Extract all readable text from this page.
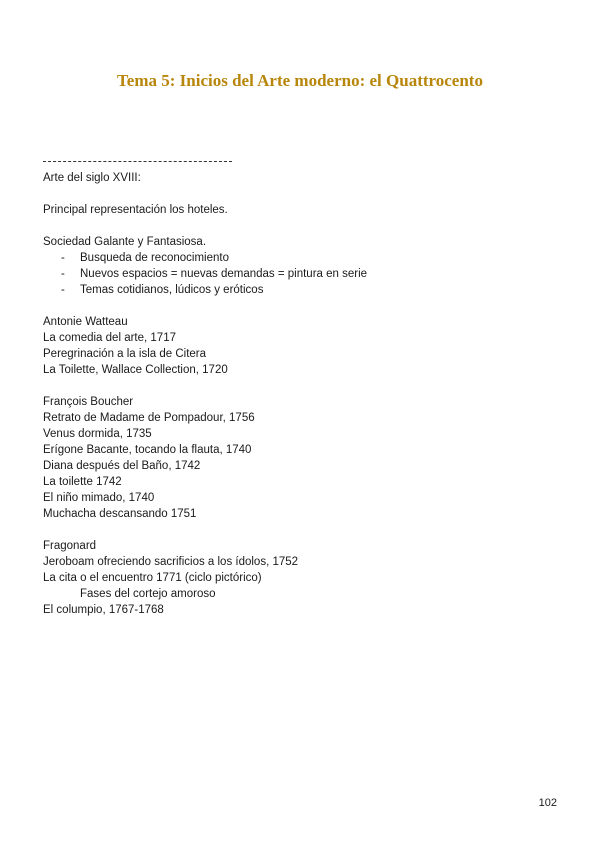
Tema 5: Inicios del Arte moderno: el Quattrocento
Arte del siglo XVIII:
Principal representación los hoteles.
Sociedad Galante y Fantasiosa.
- Busqueda de reconocimiento
- Nuevos espacios = nuevas demandas = pintura en serie
- Temas cotidianos, lúdicos y eróticos
Antonie Watteau
La comedia del arte, 1717
Peregrinación a la isla de Citera
La Toilette, Wallace Collection, 1720
François Boucher
Retrato de Madame de Pompadour, 1756
Venus dormida, 1735
Erígone Bacante, tocando la flauta, 1740
Diana después del Baño, 1742
La toilette 1742
El niño mimado, 1740
Muchacha descansando 1751
Fragonard
Jeroboam ofreciendo sacrificios a los ídolos, 1752
La cita o el encuentro 1771 (ciclo pictórico)
Fases del cortejo amoroso
El columpio, 1767-1768
102
